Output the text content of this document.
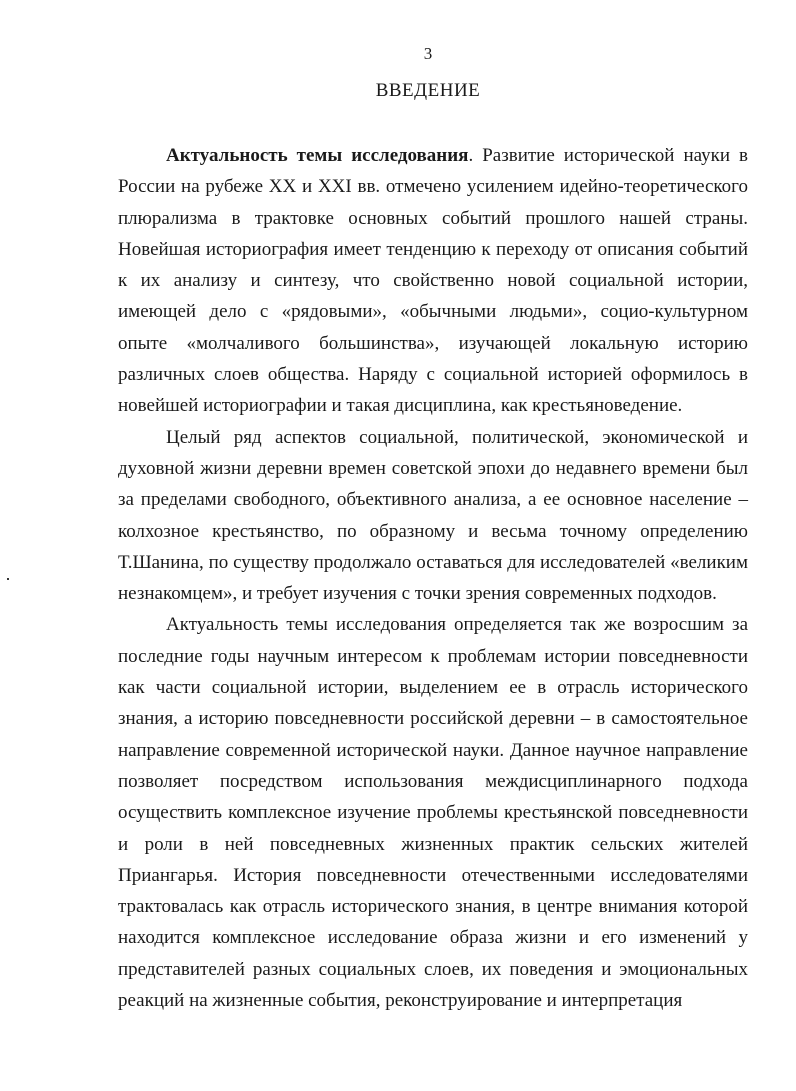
3
ВВЕДЕНИЕ

Актуальность темы исследования. Развитие исторической науки в России на рубеже XX и XXI вв. отмечено усилением идейно-теоретического плюрализма в трактовке основных событий прошлого нашей страны. Новейшая историография имеет тенденцию к переходу от описания событий к их анализу и синтезу, что свойственно новой социальной истории, имеющей дело с «рядовыми», «обычными людьми», социо-культурном опыте «молчаливого большинства», изучающей локальную историю различных слоев общества. Наряду с социальной историей оформилось в новейшей историографии и такая дисциплина, как крестьяноведение.

Целый ряд аспектов социальной, политической, экономической и духовной жизни деревни времен советской эпохи до недавнего времени был за пределами свободного, объективного анализа, а ее основное население – колхозное крестьянство, по образному и весьма точному определению Т.Шанина, по существу продолжало оставаться для исследователей «великим незнакомцем», и требует изучения с точки зрения современных подходов.

Актуальность темы исследования определяется так же возросшим за последние годы научным интересом к проблемам истории повседневности как части социальной истории, выделением ее в отрасль исторического знания, а историю повседневности российской деревни – в самостоятельное направление современной исторической науки. Данное научное направление позволяет посредством использования междисциплинарного подхода осуществить комплексное изучение проблемы крестьянской повседневности и роли в ней повседневных жизненных практик сельских жителей Приангарья. История повседневности отечественными исследователями трактовалась как отрасль исторического знания, в центре внимания которой находится комплексное исследование образа жизни и его изменений у представителей разных социальных слоев, их поведения и эмоциональных реакций на жизненные события, реконструирование и интерпретация
